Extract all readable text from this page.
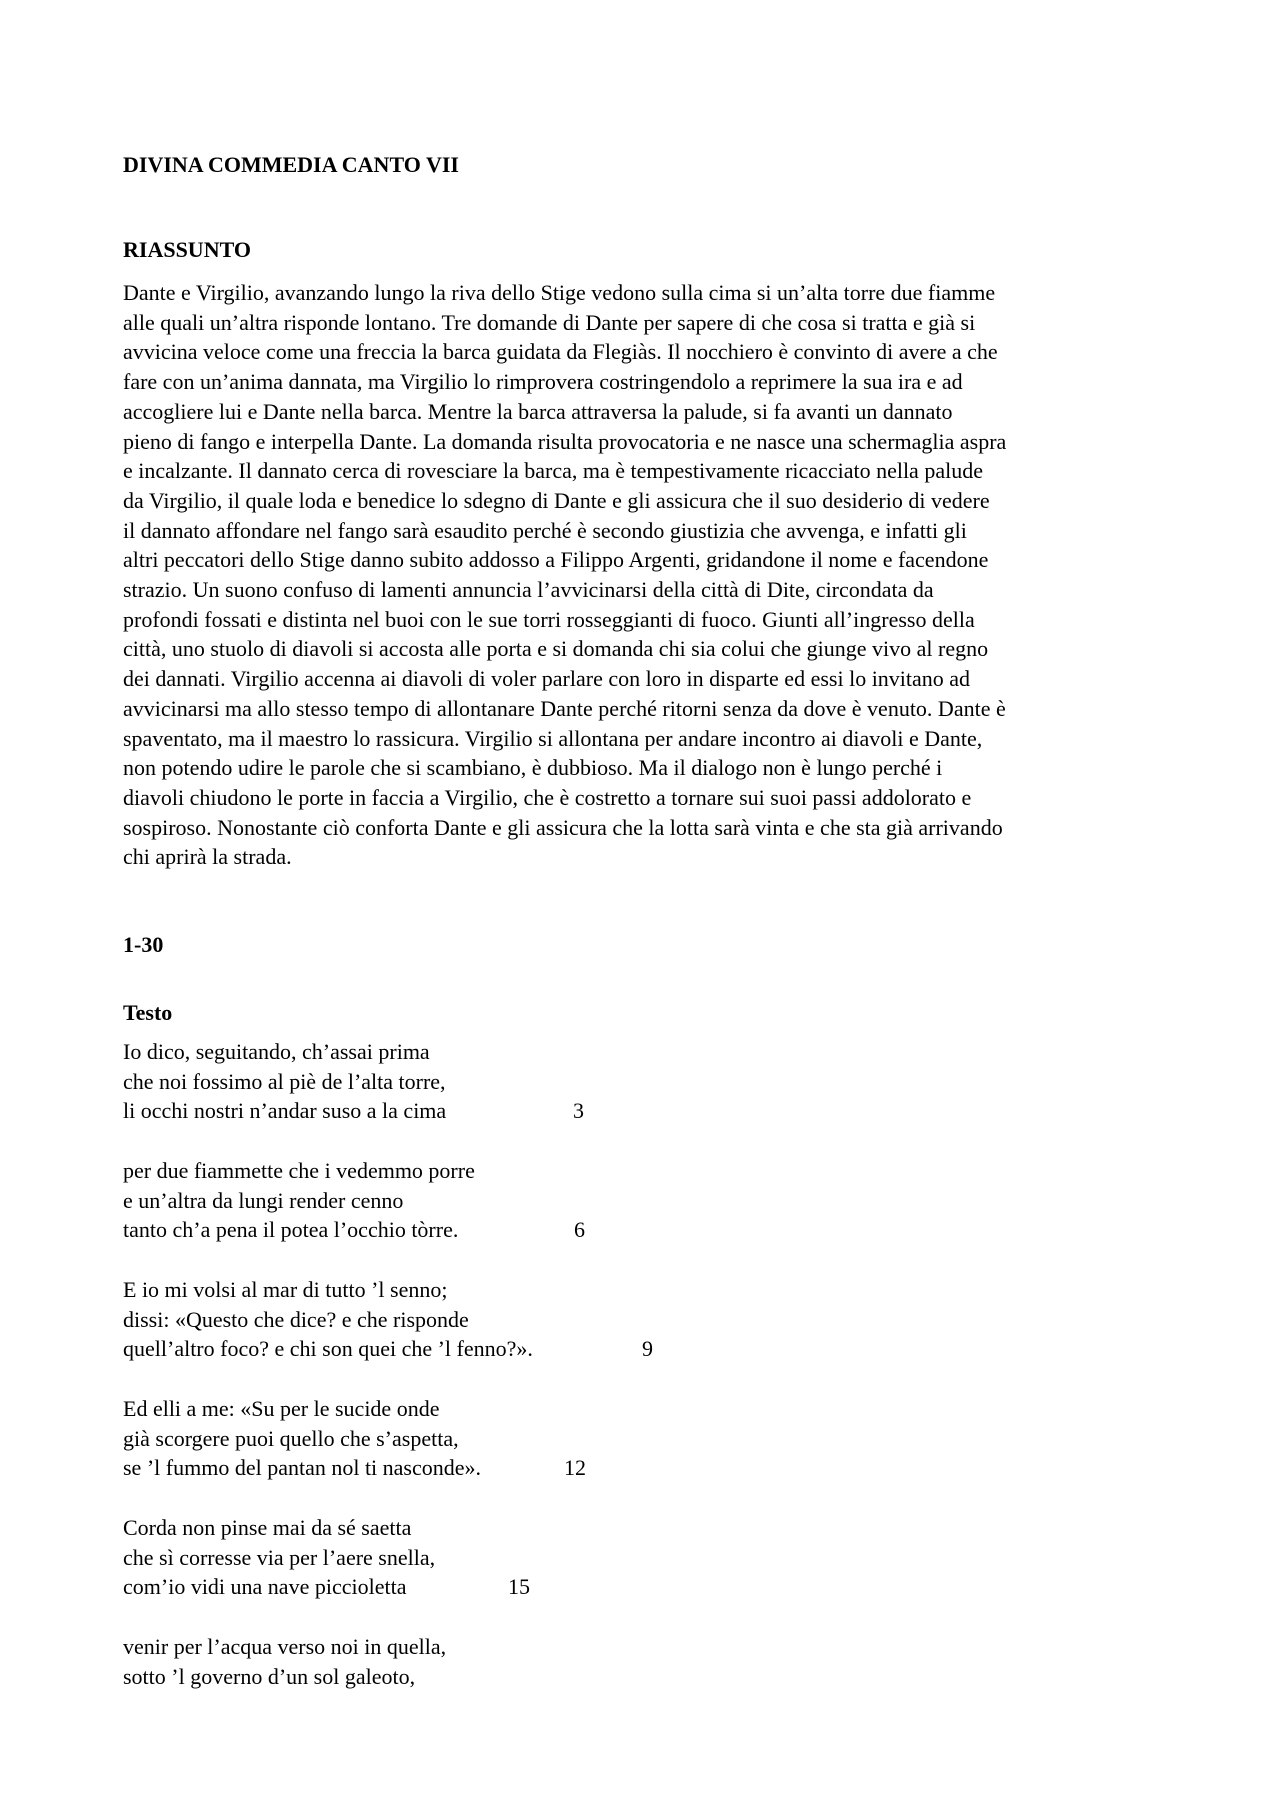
DIVINA COMMEDIA CANTO VII
RIASSUNTO
Dante e Virgilio, avanzando lungo la riva dello Stige vedono sulla cima si un’alta torre due fiamme
alle quali un’altra risponde lontano. Tre domande di Dante per sapere di che cosa si tratta e già si
avvicina veloce come una freccia la barca guidata da Flegiàs. Il nocchiero è convinto di avere a che
fare con un’anima dannata, ma Virgilio lo rimprovera costringendolo a reprimere la sua ira e ad
accogliere lui e Dante nella barca. Mentre la barca attraversa la palude, si fa avanti un dannato
pieno di fango e interpella Dante. La domanda risulta provocatoria e ne nasce una schermaglia aspra
e incalzante. Il dannato cerca di rovesciare la barca, ma è tempestivamente ricacciato nella palude
da Virgilio, il quale loda e benedice lo sdegno di Dante e gli assicura che il suo desiderio di vedere
il dannato affondare nel fango sarà esaudito perché è secondo giustizia che avvenga, e infatti gli
altri peccatori dello Stige danno subito addosso a Filippo Argenti, gridandone il nome e facendone
strazio. Un suono confuso di lamenti annuncia l’avvicinarsi della città di Dite, circondata da
profondi fossati e distinta nel buoi con le sue torri rosseggianti di fuoco. Giunti all’ingresso della
città, uno stuolo di diavoli si accosta alle porta e si domanda chi sia colui che giunge vivo al regno
dei dannati. Virgilio accenna ai diavoli di voler parlare con loro in disparte ed essi lo invitano ad
avvicinarsi ma allo stesso tempo di allontanare Dante perché ritorni senza da dove è venuto. Dante è
spaventato, ma il maestro lo rassicura. Virgilio si allontana per andare incontro ai diavoli e Dante,
non potendo udire le parole che si scambiano, è dubbioso. Ma il dialogo non è lungo perché i
diavoli chiudono le porte in faccia a Virgilio, che è costretto a tornare sui suoi passi addolorato e
sospiroso. Nonostante ciò conforta Dante e gli assicura che la lotta sarà vinta e che sta già arrivando
chi aprirà la strada.
1-30
Testo
Io dico, seguitando, ch’assai prima
che noi fossimo al piè de l’alta torre,
li occhi nostri n’andar suso a la cima	3
per due fiammette che i vedemmo porre
e un’altra da lungi render cenno
tanto ch’a pena il potea l’occhio tòrre.	6
E io mi volsi al mar di tutto ’l senno;
dissi: «Questo che dice? e che risponde
quell’altro foco? e chi son quei che ’l fenno?».	9
Ed elli a me: «Su per le sucide onde
già scorgere puoi quello che s’aspetta,
se ’l fummo del pantan nol ti nasconde».	12
Corda non pinse mai da sé saetta
che sì corresse via per l’aere snella,
com’io vidi una nave piccioletta	15
venir per l’acqua verso noi in quella,
sotto ’l governo d’un sol galeoto,
